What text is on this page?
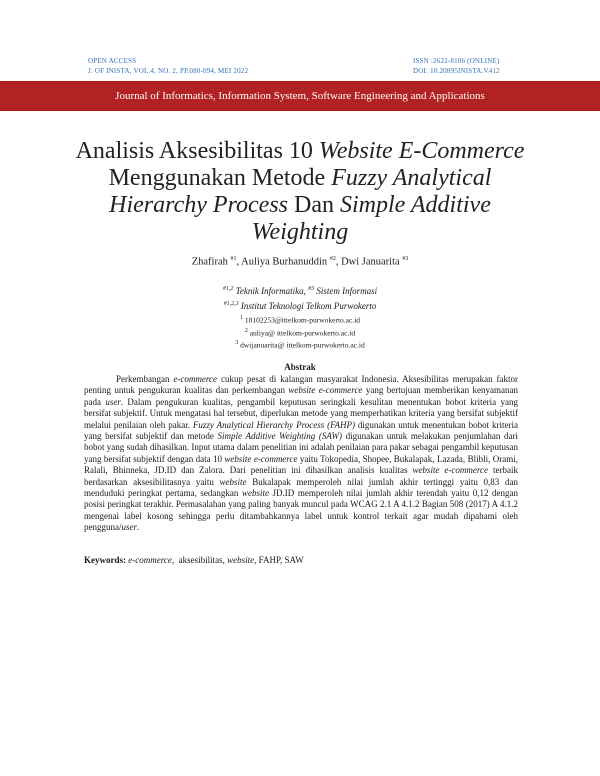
OPEN ACCESS
J. OF INISTA, VOL.4, NO. 2, PP.080-094, MEI 2022
ISSN :2622-8106 (ONLINE)
DOI: 10.20895INISTA.V412
Journal of Informatics, Information System, Software Engineering and Applications
Analisis Aksesibilitas 10 Website E-Commerce Menggunakan Metode Fuzzy Analytical Hierarchy Process Dan Simple Additive Weighting
Zhafirah $^{\#1}$, Auliya Burhanuddin $^{\#2}$, Dwi Januarita $^{\#3}$
$^{\#1,2}$ Teknik Informatika, $^{\#3}$ Sistem Informasi
$^{\#1,2,3}$ Institut Teknologi Telkom Purwokerto
$^1$ 18102253@ittelkom-purwokerto.ac.id
$^2$ auliya@ ittelkom-purwokerto.ac.id
$^3$ dwijanuarita@ ittelkom-purwokerto.ac.id
Abstrak
Perkembangan e-commerce cukup pesat di kalangan masyarakat Indonesia. Aksesibilitas merupakan faktor penting untuk pengukuran kualitas dan perkembangan website e-commerce yang bertujuan memberikan kenyamanan pada user. Dalam pengukuran kualitas, pengambil keputusan seringkali kesulitan menentukan bobot kriteria yang bersifat subjektif. Untuk mengatasi hal tersebut, diperlukan metode yang memperhatikan kriteria yang bersifat subjektif melalui penilaian oleh pakar. Fuzzy Analytical Hierarchy Process (FAHP) digunakan untuk menentukan bobot kriteria yang bersifat subjektif dan metode Simple Additive Weighting (SAW) digunakan untuk melakukan penjumlahan dari bobot yang sudah dihasilkan. Input utama dalam penelitian ini adalah penilaian para pakar sebagai pengambil keputusan yang bersifat subjektif dengan data 10 website e-commerce yaitu Tokopedia, Shopee, Bukalapak, Lazada, Blibli, Orami, Ralali, Bhinneka, JD.ID dan Zalora. Dari penelitian ini dihasilkan analisis kualitas website e-commerce terbaik berdasarkan aksesibilitasnya yaitu website Bukalapak memperoleh nilai jumlah akhir tertinggi yaitu 0,83 dan menduduki peringkat pertama, sedangkan website JD.ID memperoleh nilai jumlah akhir terendah yaitu 0,12 dengan posisi peringkat terakhir. Permasalahan yang paling banyak muncul pada WCAG 2.1 A 4.1.2 Bagian 508 (2017) A 4.1.2 mengenai label kosong sehingga perlu ditambahkannya label untuk kontrol terkait agar mudah dipahami oleh pengguna/user.
Keywords: e-commerce, aksesibilitas, website, FAHP, SAW
